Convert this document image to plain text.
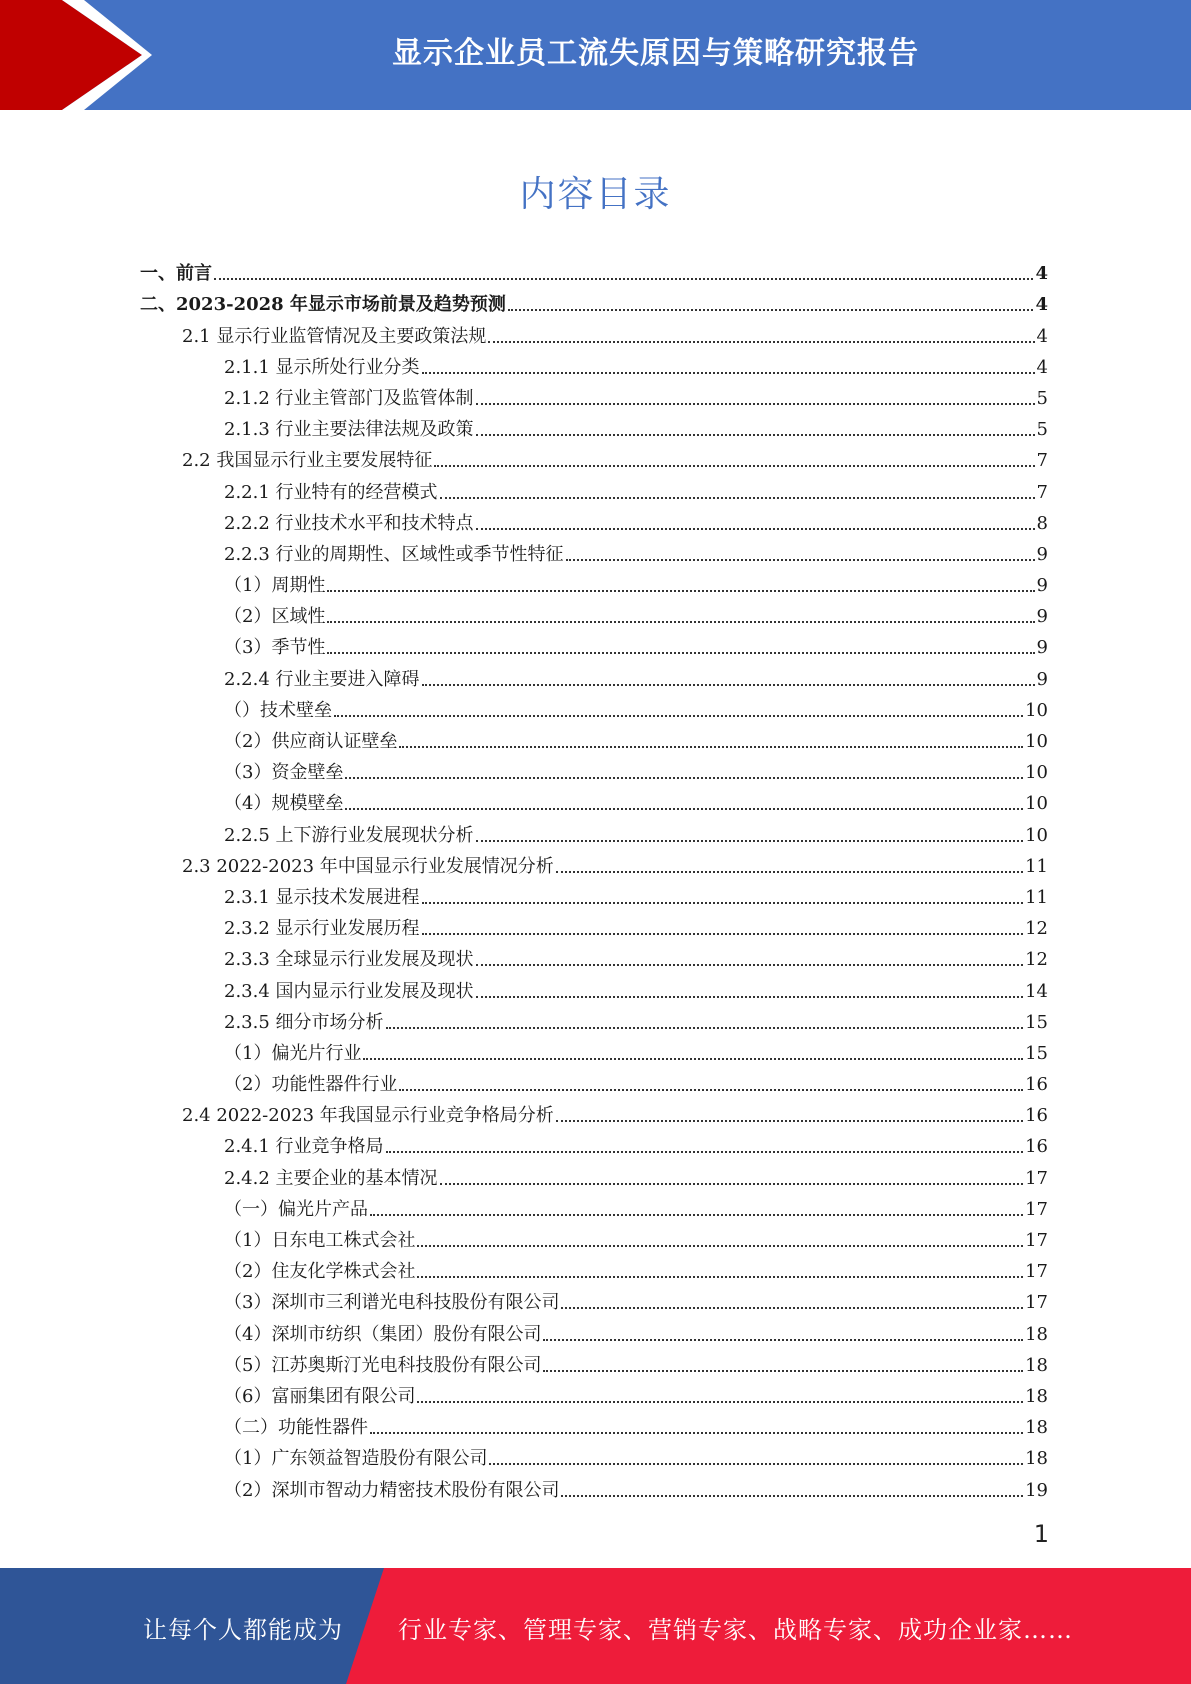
显示企业员工流失原因与策略研究报告
内容目录
一、前言	4
二、2023-2028 年显示市场前景及趋势预测	4
2.1 显示行业监管情况及主要政策法规	4
2.1.1 显示所处行业分类	4
2.1.2 行业主管部门及监管体制	5
2.1.3 行业主要法律法规及政策	5
2.2 我国显示行业主要发展特征	7
2.2.1 行业特有的经营模式	7
2.2.2 行业技术水平和技术特点	8
2.2.3 行业的周期性、区域性或季节性特征	9
（1）周期性	9
（2）区域性	9
（3）季节性	9
2.2.4 行业主要进入障碍	9
（）技术壁垒	10
（2）供应商认证壁垒	10
（3）资金壁垒	10
（4）规模壁垒	10
2.2.5 上下游行业发展现状分析	10
2.3 2022-2023 年中国显示行业发展情况分析	11
2.3.1 显示技术发展进程	11
2.3.2 显示行业发展历程	12
2.3.3 全球显示行业发展及现状	12
2.3.4 国内显示行业发展及现状	14
2.3.5 细分市场分析	15
（1）偏光片行业	15
（2）功能性器件行业	16
2.4 2022-2023 年我国显示行业竞争格局分析	16
2.4.1 行业竞争格局	16
2.4.2 主要企业的基本情况	17
（一）偏光片产品	17
（1）日东电工株式会社	17
（2）住友化学株式会社	17
（3）深圳市三利谱光电科技股份有限公司	17
（4）深圳市纺织（集团）股份有限公司	18
（5）江苏奥斯汀光电科技股份有限公司	18
（6）富丽集团有限公司	18
（二）功能性器件	18
（1）广东领益智造股份有限公司	18
（2）深圳市智动力精密技术股份有限公司	19
1
让每个人都能成为 行业专家、管理专家、营销专家、战略专家、成功企业家……
